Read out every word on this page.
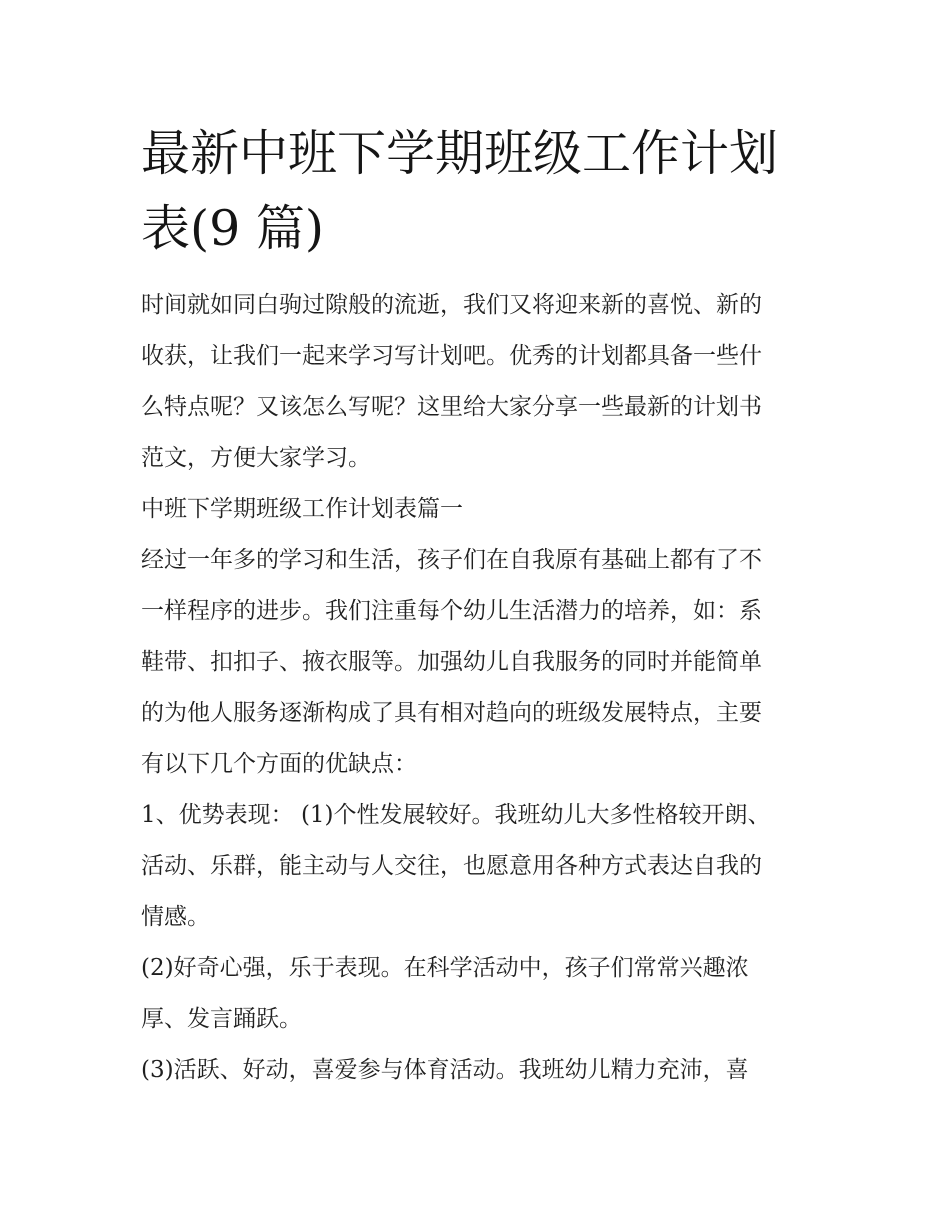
最新中班下学期班级工作计划
表(9 篇)

时间就如同白驹过隙般的流逝，我们又将迎来新的喜悦、新的
收获，让我们一起来学习写计划吧。优秀的计划都具备一些什
么特点呢？又该怎么写呢？这里给大家分享一些最新的计划书
范文，方便大家学习。

中班下学期班级工作计划表篇一

经过一年多的学习和生活，孩子们在自我原有基础上都有了不
一样程序的进步。我们注重每个幼儿生活潜力的培养，如：系
鞋带、扣扣子、掖衣服等。加强幼儿自我服务的同时并能简单
的为他人服务逐渐构成了具有相对趋向的班级发展特点，主要
有以下几个方面的优缺点：

1、优势表现： (1)个性发展较好。我班幼儿大多性格较开朗、
活动、乐群，能主动与人交往，也愿意用各种方式表达自我的
情感。

(2)好奇心强，乐于表现。在科学活动中，孩子们常常兴趣浓
厚、发言踊跃。

(3)活跃、好动，喜爱参与体育活动。我班幼儿精力充沛，喜
